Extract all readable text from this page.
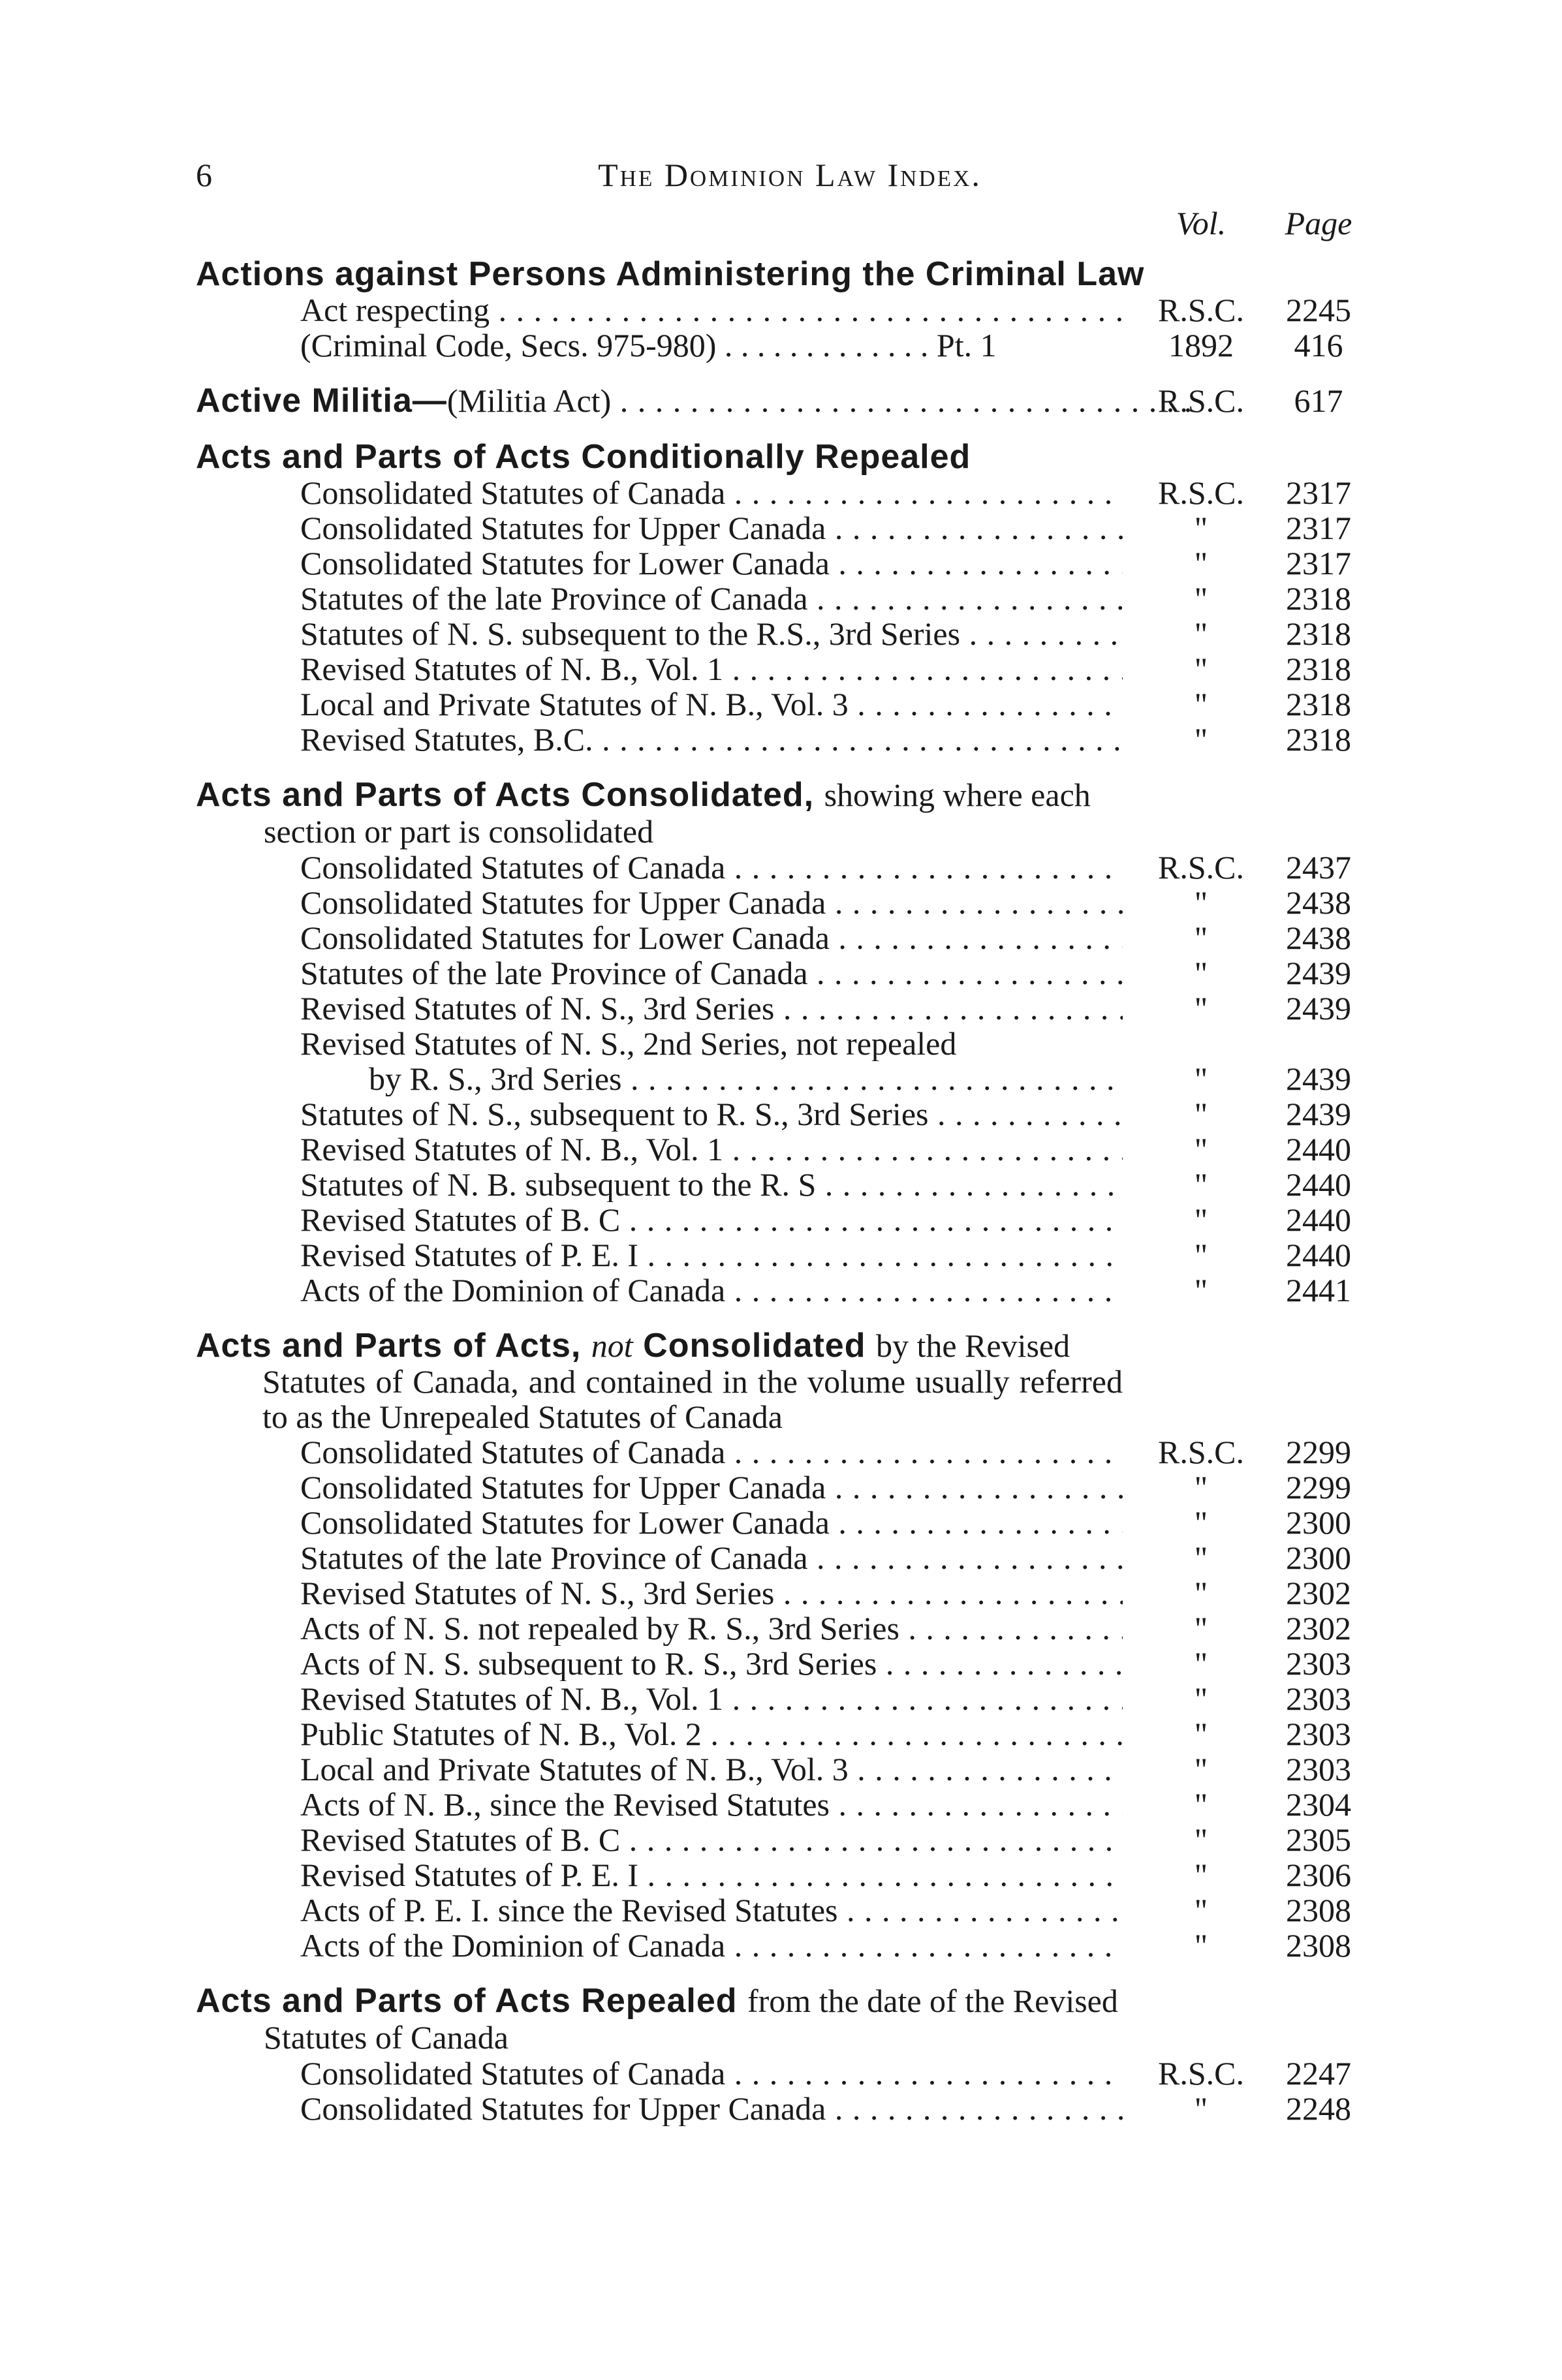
6	The Dominion Law Index.
Vol.	Page
Actions against Persons Administering the Criminal Law
Act respecting . . .	R.S.C.	2245
(Criminal Code, Secs. 975-980) . . . . . . . . . . . . . Pt. 1	1892	416
Active Militia—(Militia Act) . . .	R.S.C.	617
Acts and Parts of Acts Conditionally Repealed
Consolidated Statutes of Canada . . .	R.S.C.	2317
Consolidated Statutes for Upper Canada . . .	"	2317
Consolidated Statutes for Lower Canada . . .	"	2317
Statutes of the late Province of Canada . . .	"	2318
Statutes of N. S. subsequent to the R.S., 3rd Series . . .	"	2318
Revised Statutes of N. B., Vol. 1 . . .	"	2318
Local and Private Statutes of N. B., Vol. 3 . . .	"	2318
Revised Statutes, B.C. . . .	"	2318
Acts and Parts of Acts Consolidated, showing where each section or part is consolidated
Consolidated Statutes of Canada . . .	R.S.C.	2437
Consolidated Statutes for Upper Canada . . .	"	2438
Consolidated Statutes for Lower Canada . . .	"	2438
Statutes of the late Province of Canada . . .	"	2439
Revised Statutes of N. S., 3rd Series . . .	"	2439
Revised Statutes of N. S., 2nd Series, not repealed
by R. S., 3rd Series . . .	"	2439
Statutes of N. S., subsequent to R. S., 3rd Series . . .	"	2439
Revised Statutes of N. B., Vol. 1 . . .	"	2440
Statutes of N. B. subsequent to the R. S . . .	"	2440
Revised Statutes of B. C . . .	"	2440
Revised Statutes of P. E. I . . .	"	2440
Acts of the Dominion of Canada . . .	"	2441
Acts and Parts of Acts, not Consolidated by the Revised
Statutes of Canada, and contained in the volume usually referred to as the Unrepealed Statutes of Canada
Consolidated Statutes of Canada . . .	R.S.C.	2299
Consolidated Statutes for Upper Canada . . .	"	2299
Consolidated Statutes for Lower Canada . . .	"	2300
Statutes of the late Province of Canada . . .	"	2300
Revised Statutes of N. S., 3rd Series . . .	"	2302
Acts of N. S. not repealed by R. S., 3rd Series . . .	"	2302
Acts of N. S. subsequent to R. S., 3rd Series . . .	"	2303
Revised Statutes of N. B., Vol. 1 . . .	"	2303
Public Statutes of N. B., Vol. 2 . . .	"	2303
Local and Private Statutes of N. B., Vol. 3 . . .	"	2303
Acts of N. B., since the Revised Statutes . . .	"	2304
Revised Statutes of B. C . . .	"	2305
Revised Statutes of P. E. I . . .	"	2306
Acts of P. E. I. since the Revised Statutes . . .	"	2308
Acts of the Dominion of Canada . . .	"	2308
Acts and Parts of Acts Repealed from the date of the Revised Statutes of Canada
Consolidated Statutes of Canada . . .	R.S.C.	2247
Consolidated Statutes for Upper Canada . . .	"	2248
